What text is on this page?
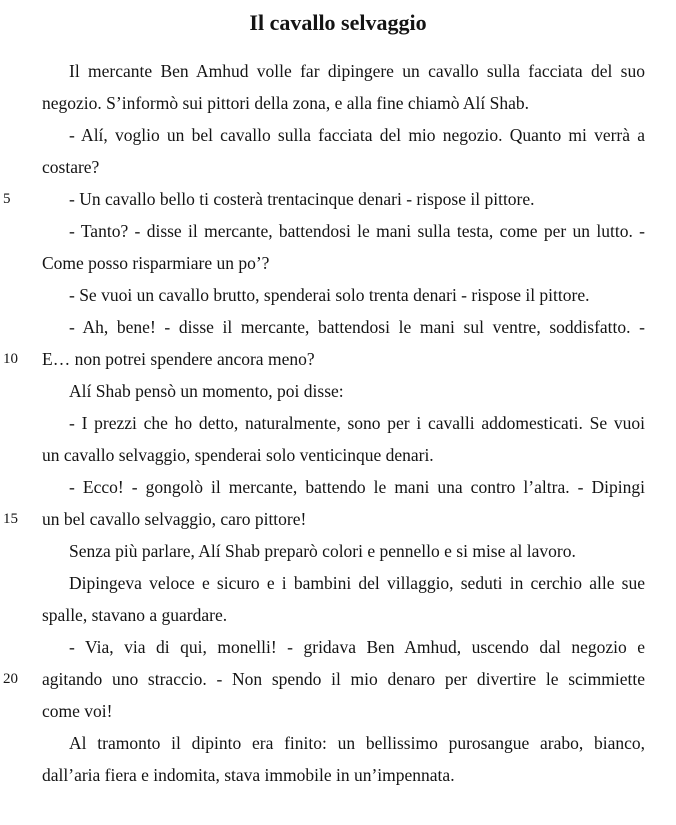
Il cavallo selvaggio
Il mercante Ben Amhud volle far dipingere un cavallo sulla facciata del suo
negozio. S’informò sui pittori della zona, e alla fine chiamò Alí Shab.
- Alí, voglio un bel cavallo sulla facciata del mio negozio. Quanto mi verrà a
costare?
5	- Un cavallo bello ti costerà trentacinque denari - rispose il pittore.
- Tanto? - disse il mercante, battendosi le mani sulla testa, come per un lutto. -
Come posso risparmiare un po’?
- Se vuoi un cavallo brutto, spenderai solo trenta denari - rispose il pittore.
- Ah, bene! - disse il mercante, battendosi le mani sul ventre, soddisfatto. -
10	E… non potrei spendere ancora meno?
Alí Shab pensò un momento, poi disse:
- I prezzi che ho detto, naturalmente, sono per i cavalli addomesticati. Se vuoi
un cavallo selvaggio, spenderai solo venticinque denari.
- Ecco! - gongolò il mercante, battendo le mani una contro l’altra. - Dipingi
15	un bel cavallo selvaggio, caro pittore!
Senza più parlare, Alí Shab preparò colori e pennello e si mise al lavoro.
Dipingeva veloce e sicuro e i bambini del villaggio, seduti in cerchio alle sue
spalle, stavano a guardare.
- Via, via di qui, monelli! - gridava Ben Amhud, uscendo dal negozio e
20	agitando uno straccio. - Non spendo il mio denaro per divertire le scimmiette
come voi!
Al tramonto il dipinto era finito: un bellissimo purosangue arabo, bianco,
dall’aria fiera e indomita, stava immobile in un’impennata.
